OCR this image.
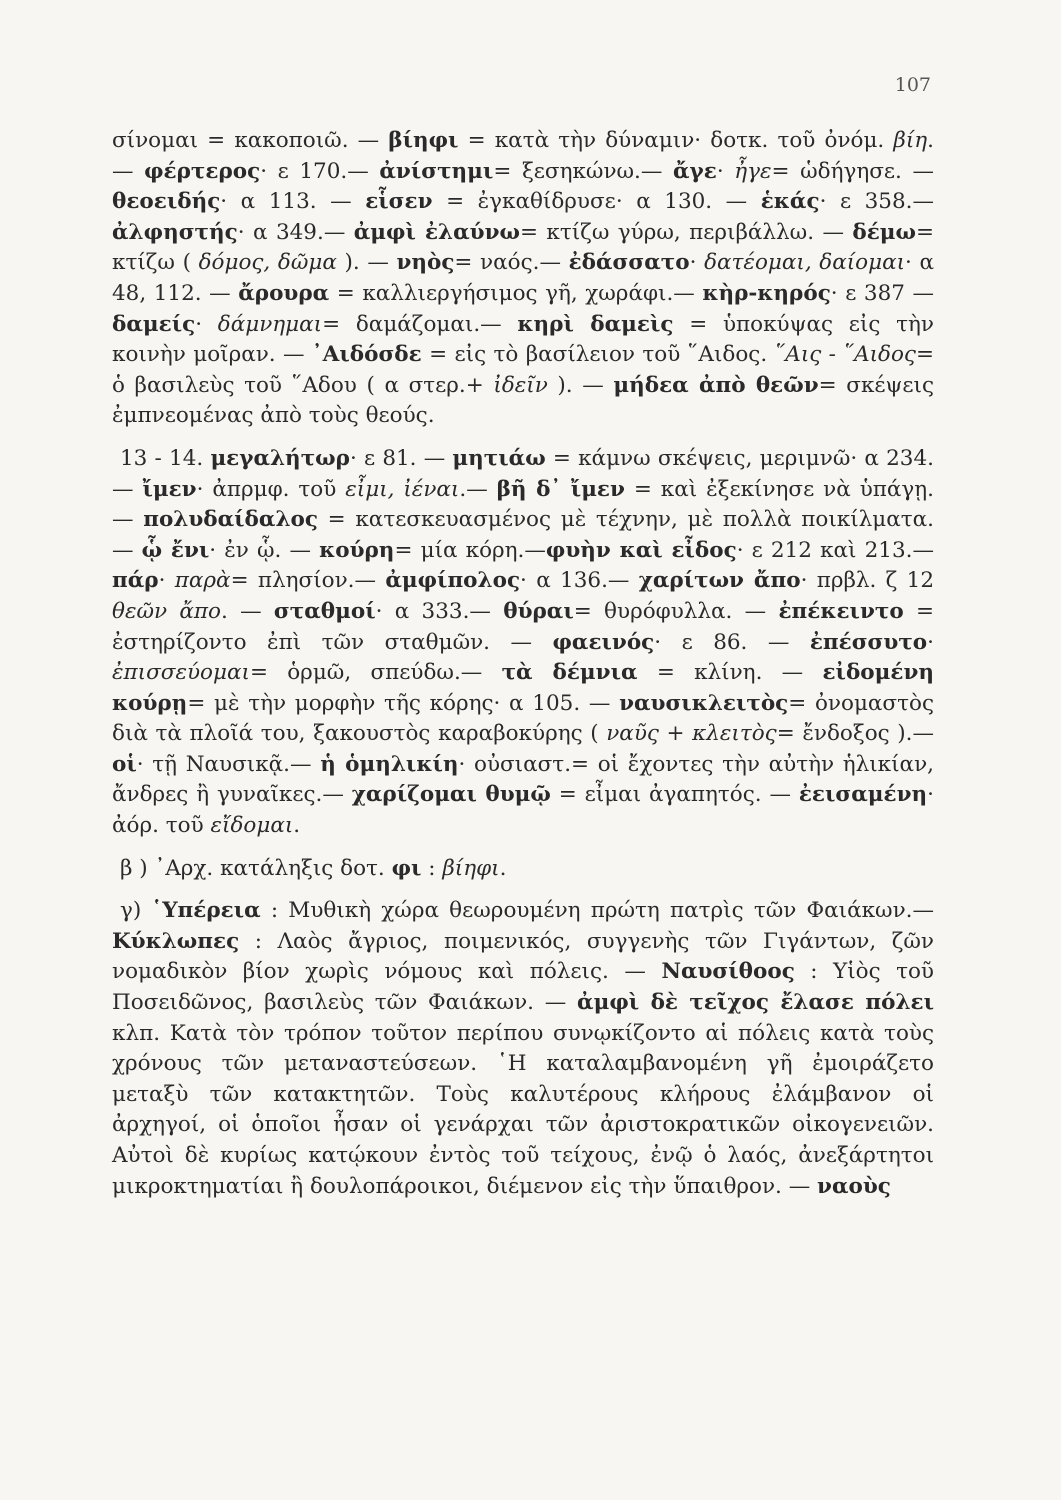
107

σίνομαι = κακοποιῶ. — βίηφι = κατὰ τὴν δύναμιν· δοτκ. τοῦ ὀνόμ. βίη. — φέρτερος· ε 170.— ἀνίστημι= ξεσηκώνω.— ἄγε· ἦγε= ὡδήγησε. — θεοειδής· α 113. — εἷσεν = ἐγκαθίδρυσε· α 130. — ἑκάς· ε 358.— ἀλφηστής· α 349.— ἀμφὶ ἐλαύνω= κτίζω γύρω, περιβάλλω. — δέμω= κτίζω ( δόμος, δῶμα ). — νηὸς= ναός.— ἐδάσσατο· δατέομαι, δαίομαι· α 48, 112. — ἄρουρα = καλλιεργήσιμος γῆ, χωράφι.— κὴρ-κηρός· ε 387 — δαμείς· δάμνημαι= δαμάζομαι.— κηρὶ δαμεὶς = ὑποκύψας εἰς τὴν κοινὴν μοῖραν. — ᾿Αιδόσδε = εἰς τὸ βασίλειον τοῦ ῞Αιδος. ῞Αις - ῞Αιδος= ὁ βασιλεὺς τοῦ ῞Αδου ( α στερ.+ ἰδεῖν ). — μήδεα ἀπὸ θεῶν= σκέψεις ἐμπνεομένας ἀπὸ τοὺς θεούς.

13 - 14. μεγαλήτωρ· ε 81. — μητιάω = κάμνω σκέψεις, μεριμνῶ· α 234.— ἴμεν· ἀπρμφ. τοῦ εἶμι, ἰέναι.— βῆ δ᾿ ἴμεν = καὶ ἐξεκίνησε νὰ ὑπάγῃ. — πολυδαίδαλος = κατεσκευασμένος μὲ τέχνην, μὲ πολλὰ ποικίλματα. — ᾧ ἔνι· ἐν ᾧ. — κούρη= μία κόρη.—φυὴν καὶ εἶδος· ε 212 καὶ 213.— πάρ· παρὰ= πλησίον.— ἀμφίπολος· α 136.— χαρίτων ἄπο· πρβλ. ζ 12 θεῶν ἄπο. — σταθμοί· α 333.— θύραι= θυρόφυλλα. — ἐπέκειντο = ἐστηρίζοντο ἐπὶ τῶν σταθμῶν. — φαεινός· ε 86. — ἐπέσσυτο· ἐπισσεύομαι= ὁρμῶ, σπεύδω.— τὰ δέμνια = κλίνη. — εἰδομένη κούρῃ= μὲ τὴν μορφὴν τῆς κόρης· α 105. — ναυσικλειτὸς= ὀνομαστὸς διὰ τὰ πλοῖά του, ξακουστὸς καραβοκύρης ( ναῦς + κλειτὸς= ἔνδοξος ).— οἱ· τῇ Ναυσικᾷ.— ἡ ὁμηλικίη· οὐσιαστ.= οἱ ἔχοντες τὴν αὐτὴν ἡλικίαν, ἄνδρες ἢ γυναῖκες.— χαρίζομαι θυμῷ = εἶμαι ἀγαπητός. — ἐεισαμένη· ἀόρ. τοῦ εἴδομαι.

β ) ᾿Αρχ. κατάληξις δοτ. φι : βίηφι.

γ) ῾Υπέρεια : Μυθικὴ χώρα θεωρουμένη πρώτη πατρὶς τῶν Φαιάκων.— Κύκλωπες : Λαὸς ἄγριος, ποιμενικός, συγγενὴς τῶν Γιγάντων, ζῶν νομαδικὸν βίον χωρὶς νόμους καὶ πόλεις. — Ναυσίθοος : Υἱὸς τοῦ Ποσειδῶνος, βασιλεὺς τῶν Φαιάκων. — ἀμφὶ δὲ τεῖχος ἔλασε πόλει κλπ. Κατὰ τὸν τρόπον τοῦτον περίπου συνῳκίζοντο αἱ πόλεις κατὰ τοὺς χρόνους τῶν μεταναστεύσεων. ῾Η καταλαμβανομένη γῆ ἐμοιράζετο μεταξὺ τῶν κατακτητῶν. Τοὺς καλυτέρους κλήρους ἐλάμβανον οἱ ἀρχηγοί, οἱ ὁποῖοι ἦσαν οἱ γενάρχαι τῶν ἀριστοκρατικῶν οἰκογενειῶν. Αὐτοὶ δὲ κυρίως κατῴκουν ἐντὸς τοῦ τείχους, ἐνῷ ὁ λαός, ἀνεξάρτητοι μικροκτηματίαι ἢ δουλοπάροικοι, διέμενον εἰς τὴν ὕπαιθρον. — ναοὺς
